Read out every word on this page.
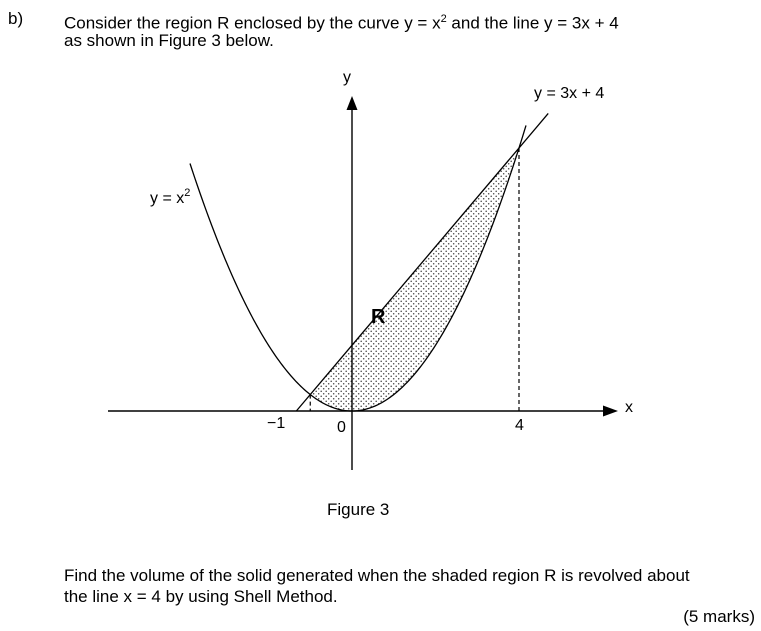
b) Consider the region R enclosed by the curve $y = x^2$ and the line y = 3x + 4
as shown in Figure 3 below.
y
x
y = 3x + 4
$y = x^2$
R
−1	0	4
Figure 3
Find the volume of the solid generated when the shaded region R is revolved about
the line x = 4 by using Shell Method.
(5 marks)
